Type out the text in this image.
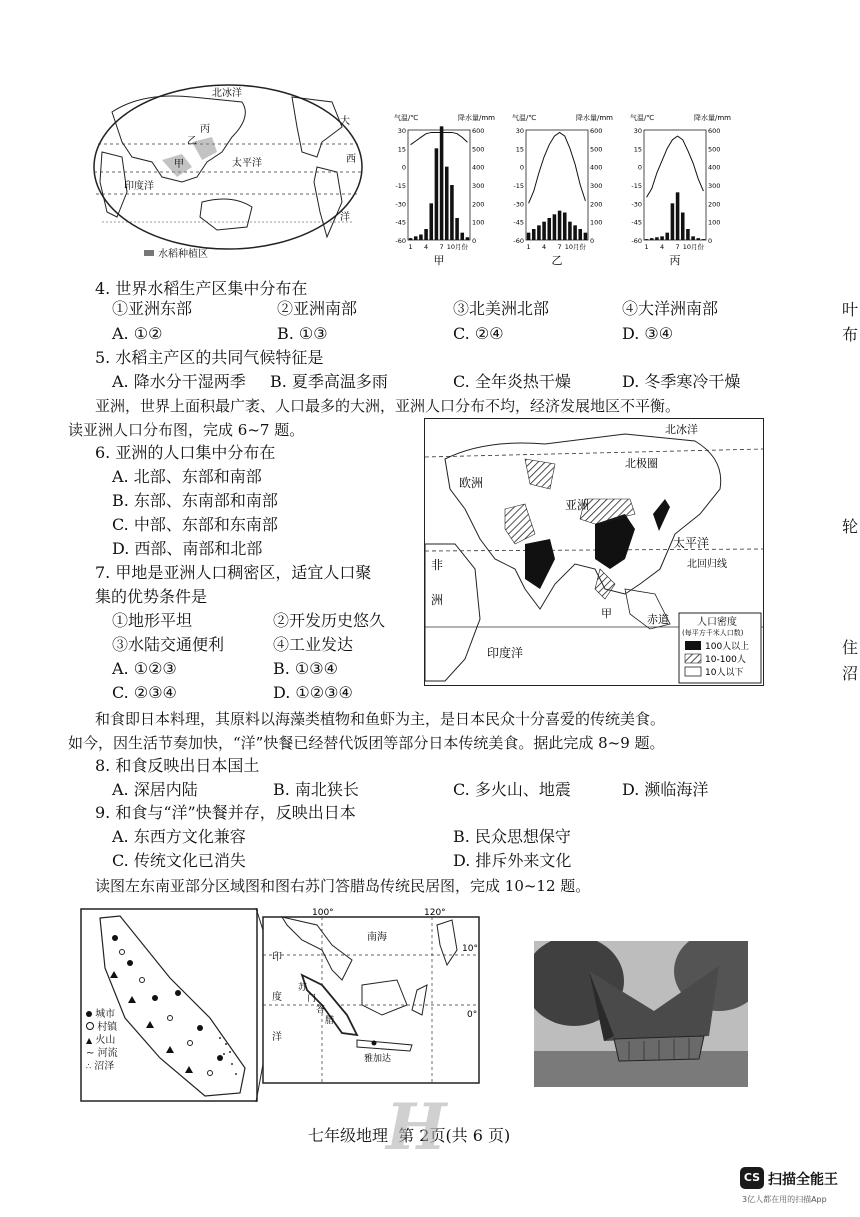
北冰洋
丙
乙
甲	太平洋
印度洋
大
西
洋
水稻种植区
气温/℃	降水量/mm
30
15
0
-15
-30
-45
-60
600
500
400
300
200
100
0
1 4 7 10月份
甲
气温/℃	降水量/mm
30
15
0
-15
-30
-45
-60
600
500
400
300
200
100
0
1 4 7 10月份
乙
气温/℃	降水量/mm
30
15
0
-15
-30
-45
-60
600
500
400
300
200
100
0
1 4 7 10月份
丙
4. 世界水稻生产区集中分布在
①亚洲东部	②亚洲南部	③北美洲北部	④大洋洲南部
A. ①②	B. ①③	C. ②④	D. ③④
5. 水稻主产区的共同气候特征是
A. 降水分干湿两季 B. 夏季高温多雨	C. 全年炎热干燥	D. 冬季寒冷干燥
亚洲，世界上面积最广袤、人口最多的大洲，亚洲人口分布不均，经济发展地区不平衡。
读亚洲人口分布图，完成 6~7 题。
6. 亚洲的人口集中分布在
A. 北部、东部和南部
B. 东部、东南部和南部
C. 中部、东部和东南部
D. 西部、南部和北部
7. 甲地是亚洲人口稠密区，适宜人口聚
集的优势条件是
①地形平坦	②开发历史悠久
③水陆交通便利	④工业发达
A. ①②③	B. ①③④
C. ②③④	D. ①②③④
北冰洋
北极圈
欧洲
亚洲
太平洋
北回归线
非
洲
甲	赤道
印度洋
人口密度
(每平方千米人口数)
100人以上
10-100人
10人以下
和食即日本料理，其原料以海藻类植物和鱼虾为主，是日本民众十分喜爱的传统美食。
如今，因生活节奏加快，“洋”快餐已经替代饭团等部分日本传统美食。据此完成 8~9 题。
8. 和食反映出日本国土
A. 深居内陆	B. 南北狭长	C. 多火山、地震	D. 濒临海洋
9. 和食与“洋”快餐并存，反映出日本
A. 东西方文化兼容	B. 民众思想保守
C. 传统文化已消失	D. 排斥外来文化
读图左东南亚部分区域图和图右苏门答腊岛传统民居图，完成 10~12 题。
城市
村镇
▲ 火山
~ 河流
∴ 沼泽
100°	120°
10°
0°
南海
印
度
洋
苏
门
答
腊
雅加达
七年级地理  第 2页(共 6 页)
H
叶
布
轮
住
沼
CS 扫描全能王
3亿人都在用的扫描App
